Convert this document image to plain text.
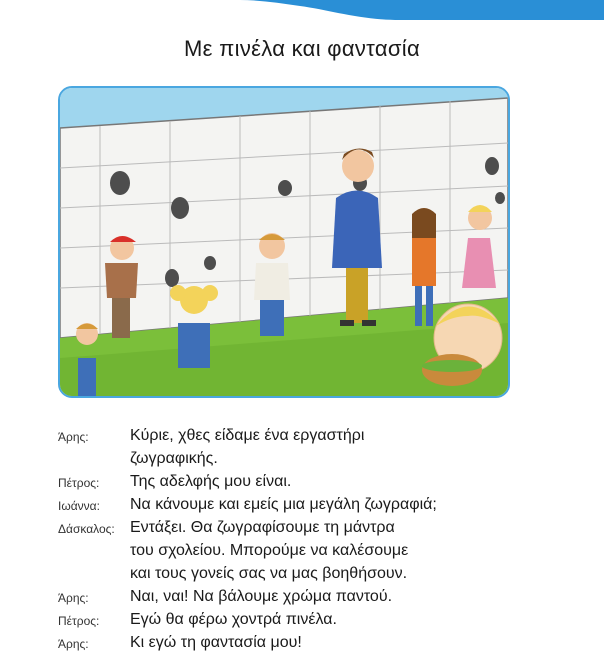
Με πινέλα και φαντασία
Άρης:	Κύριε, χθες είδαμε ένα εργαστήρι
ζωγραφικής.
Πέτρος: Της αδελφής μου είναι.
Ιωάννα: Να κάνουμε και εμείς μια μεγάλη ζωγραφιά;
Δάσκαλος: Εντάξει. Θα ζωγραφίσουμε τη μάντρα
του σχολείου. Μπορούμε να καλέσουμε
και τους γονείς σας να μας βοηθήσουν.
Άρης:	Ναι, ναι! Να βάλουμε χρώμα παντού.
Πέτρος: Εγώ θα φέρω χοντρά πινέλα.
Άρης:	Κι εγώ τη φαντασία μου!
